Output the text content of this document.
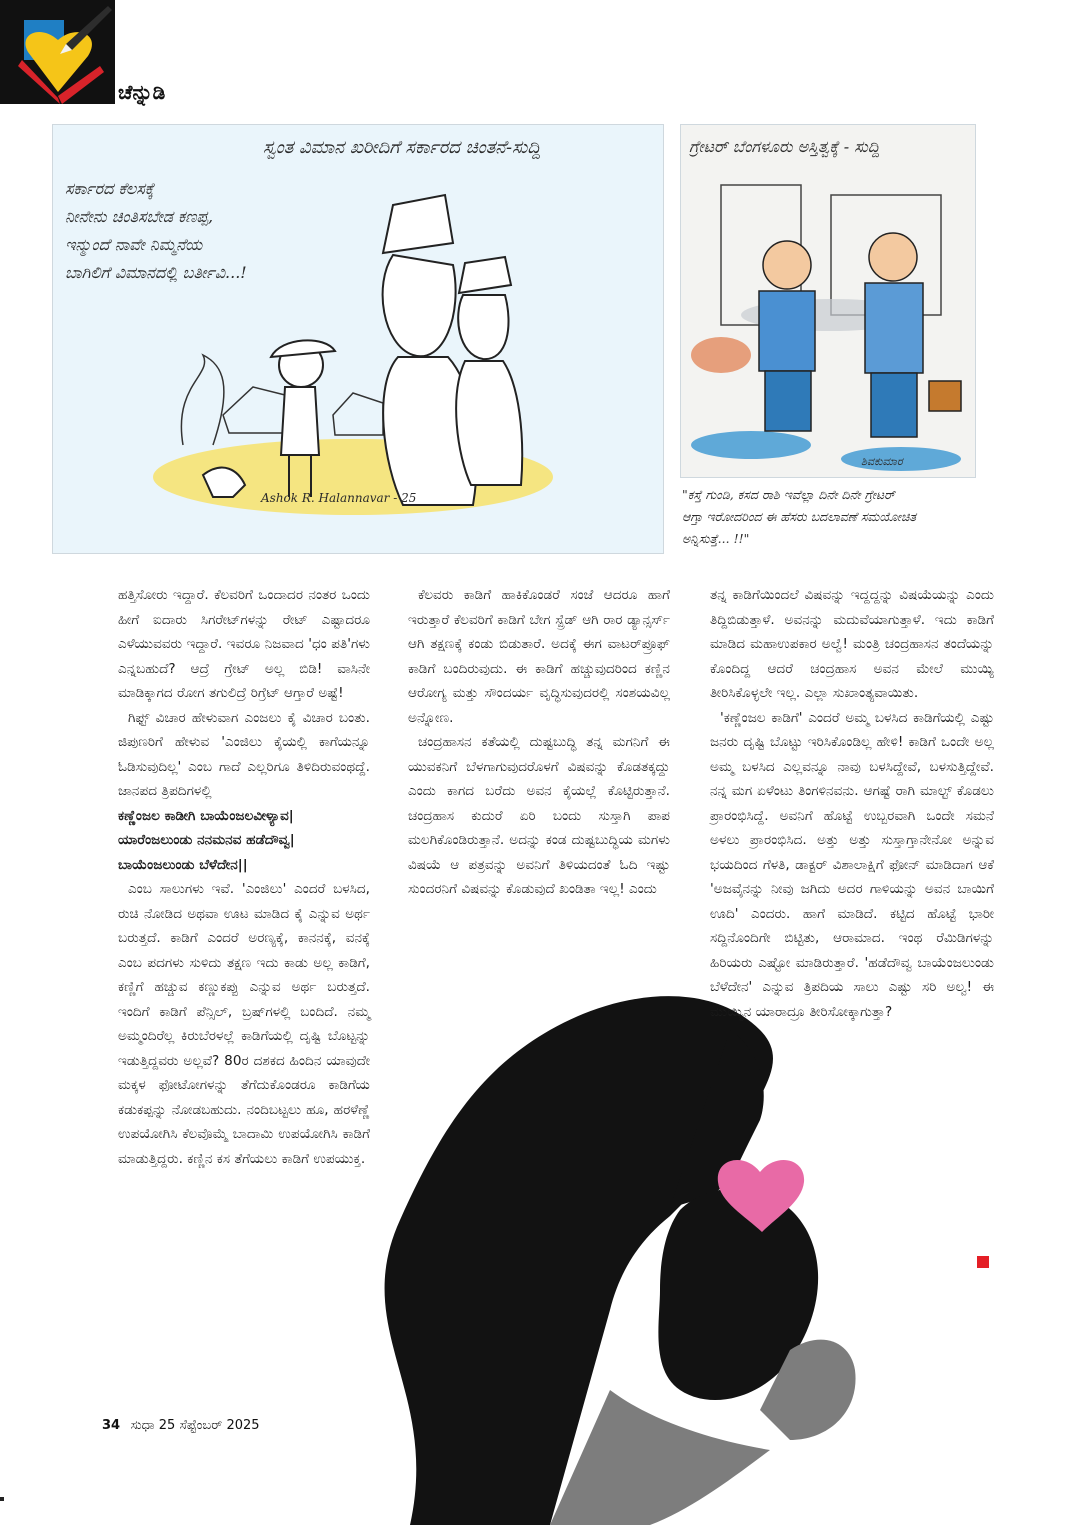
ಚೆನ್ನುಡಿ
ಸ್ವಂತ ವಿಮಾನ ಖರೀದಿಗೆ ಸರ್ಕಾರದ ಚಿಂತನೆ-ಸುದ್ದಿ
ಸರ್ಕಾರದ ಕೆಲಸಕ್ಕೆ
ನೀನೇನು ಚಿಂತಿಸಬೇಡ ಕಣಪ್ಪ,
ಇನ್ಮುಂದೆ ನಾವೇ ನಿಮ್ಮನೆಯ
ಬಾಗಿಲಿಗೆ ವಿಮಾನದಲ್ಲಿ ಬರ್ತೀವಿ...!
Ashok R. Halannavar - 25
ಗ್ರೇಟರ್ ಬೆಂಗಳೂರು ಅಸ್ತಿತ್ವಕ್ಕೆ - ಸುದ್ದಿ
ಶಿವಕುಮಾರ
"ಕಸ್ತೆ ಗುಂಡಿ, ಕಸದ ರಾಶಿ ಇವೆಲ್ಲಾ ದಿನೇ ದಿನೇ ಗ್ರೇಟರ್
ಆಗ್ತಾ ಇರೋದರಿಂದ ಈ ಹೆಸರು ಬದಲಾವಣೆ ಸಮಯೋಚಿತ
ಅನ್ನಿಸುತ್ತೆ... !!"

ಹತ್ತಿಸೋರು ಇದ್ದಾರೆ. ಕೆಲವರಿಗೆ ಒಂದಾದರ ನಂತರ ಒಂದು ಹೀಗೆ ಐದಾರು ಸಿಗರೇಟ್‌ಗಳನ್ನು ರೇಟ್ ಎಷ್ಟಾದರೂ ಎಳೆಯುವವರು ಇದ್ದಾರೆ. ಇವರೂ ನಿಜವಾದ 'ಧಂ ಪತಿ'ಗಳು ಎನ್ನಬಹುದೆ? ಆದ್ರೆ ಗ್ರೇಟ್ ಅಲ್ಲ ಬಿಡಿ! ವಾಸಿನೇ ಮಾಡಿಕ್ಕಾಗದ ರೋಗ ತಗುಲಿದ್ರೆ ರಿಗ್ರೆಟ್ ಆಗ್ತಾರೆ ಅಷ್ಟೆ!

ಗಿಫ್ಟ್ ವಿಚಾರ ಹೇಳುವಾಗ ಎಂಜಲು ಕೈ ವಿಚಾರ ಬಂತು. ಜಿಪುಣರಿಗೆ ಹೇಳುವ 'ಎಂಜಿಲು ಕೈಯಲ್ಲಿ ಕಾಗೆಯನ್ನೂ ಓಡಿಸುವುದಿಲ್ಲ' ಎಂಬ ಗಾದೆ ಎಲ್ಲರಿಗೂ ತಿಳಿದಿರುವಂಥದ್ದೆ. ಜಾನಪದ ತ್ರಿಪದಿಗಳಲ್ಲಿ

ಕಣ್ಣೆಂಜಲ ಕಾಡೀಗಿ ಬಾಯೆಂಜಲವೀಳ್ಯಾವ|

ಯಾರೆಂಜಲುಂಡು ನನಮನವ ಹಡೆದೌವ್ವ|

ಬಾಯೆಂಜಲುಂಡು ಬೆಳೆದೇನ||

ಎಂಬ ಸಾಲುಗಳು ಇವೆ. 'ಎಂಜಿಲು' ಎಂದರೆ ಬಳಸಿದ, ರುಚಿ ನೋಡಿದ ಅಥವಾ ಊಟ ಮಾಡಿದ ಕೈ ಎನ್ನುವ ಅರ್ಥ ಬರುತ್ತದೆ. ಕಾಡಿಗೆ ಎಂದರೆ ಅರಣ್ಯಕ್ಕೆ, ಕಾನನಕ್ಕೆ, ವನಕ್ಕೆ ಎಂಬ ಪದಗಳು ಸುಳಿದು ತಕ್ಷಣ ಇದು ಕಾಡು ಅಲ್ಲ ಕಾಡಿಗೆ, ಕಣ್ಣಿಗೆ ಹಚ್ಚುವ ಕಣ್ಣುಕಪ್ಪು ಎನ್ನುವ ಅರ್ಥ ಬರುತ್ತದೆ. ಇಂದಿಗೆ ಕಾಡಿಗೆ ಪೆನ್ಸಿಲ್, ಬ್ರಷ್‌ಗಳಲ್ಲಿ ಬಂದಿದೆ. ನಮ್ಮ ಅಮ್ಮಂದಿರೆಲ್ಲ ಕಿರುಬೆರಳಲ್ಲೆ ಕಾಡಿಗೆಯಲ್ಲಿ ದೃಷ್ಟಿ ಬೊಟ್ಟನ್ನು ಇಡುತ್ತಿದ್ದವರು ಅಲ್ಲವೆ? 80ರ ದಶಕದ ಹಿಂದಿನ ಯಾವುದೇ ಮಕ್ಕಳ ಫೋಟೋಗಳನ್ನು ತೆಗೆದುಕೊಂಡರೂ ಕಾಡಿಗೆಯ ಕಡುಕಪ್ಪನ್ನು ನೋಡಬಹುದು. ನಂದಿಬಟ್ಟಲು ಹೂ, ಹರಳೆಣ್ಣೆ ಉಪಯೋಗಿಸಿ ಕೆಲವೊಮ್ಮೆ ಬಾದಾಮಿ ಉಪಯೋಗಿಸಿ ಕಾಡಿಗೆ ಮಾಡುತ್ತಿದ್ದರು. ಕಣ್ಣಿನ ಕಸ ತೆಗೆಯಲು ಕಾಡಿಗೆ ಉಪಯುಕ್ತ.

ಕೆಲವರು ಕಾಡಿಗೆ ಹಾಕಿಕೊಂಡರೆ ಸಂಜೆ ಆದರೂ ಹಾಗೆ ಇರುತ್ತಾರೆ ಕೆಲವರಿಗೆ ಕಾಡಿಗೆ ಬೇಗ ಸ್ಪ್ರೆಡ್ ಆಗಿ ರಾರ ಡ್ಯಾನ್ಸರ್ಸ್ ಆಗಿ ತಕ್ಷಣಕ್ಕೆ ಕಂಡು ಬಿಡುತಾರೆ. ಅದಕ್ಕೆ ಈಗ ವಾಟರ್‌ಪ್ರೂಫ್ ಕಾಡಿಗೆ ಬಂದಿರುವುದು. ಈ ಕಾಡಿಗೆ ಹಚ್ಚುವುದರಿಂದ ಕಣ್ಣಿನ ಆರೋಗ್ಯ ಮತ್ತು ಸೌಂದರ್ಯ ವೃದ್ಧಿಸುವುದರಲ್ಲಿ ಸಂಶಯವಿಲ್ಲ ಅನ್ನೋಣ.

ಚಂದ್ರಹಾಸನ ಕತೆಯಲ್ಲಿ ದುಷ್ಟಬುದ್ಧಿ ತನ್ನ ಮಗನಿಗೆ ಈ ಯುವಕನಿಗೆ ಬೆಳಗಾಗುವುದರೊಳಗೆ ವಿಷವನ್ನು ಕೊಡತಕ್ಕದ್ದು ಎಂದು ಕಾಗದ ಬರೆದು ಅವನ ಕೈಯಲ್ಲೆ ಕೊಟ್ಟಿರುತ್ತಾನೆ. ಚಂದ್ರಹಾಸ ಕುದುರೆ ಏರಿ ಬಂದು ಸುಸ್ತಾಗಿ ಪಾಪ ಮಲಗಿಕೊಂಡಿರುತ್ತಾನೆ. ಅದನ್ನು ಕಂಡ ದುಷ್ಟಬುದ್ಧಿಯ ಮಗಳು ವಿಷಯೆ ಆ ಪತ್ರವನ್ನು ಅವನಿಗೆ ತಿಳಿಯದಂತೆ ಓದಿ ಇಷ್ಟು ಸುಂದರನಿಗೆ ವಿಷವನ್ನು ಕೊಡುವುದೆ ಖಂಡಿತಾ ಇಲ್ಲ! ಎಂದು

ತನ್ನ ಕಾಡಿಗೆಯಿಂದಲೆ ವಿಷವನ್ನು ಇದ್ದದ್ದನ್ನು ವಿಷಯೆಯನ್ನು ಎಂದು ತಿದ್ದಿಬಿಡುತ್ತಾಳೆ. ಅವನನ್ನು ಮದುವೆಯಾಗುತ್ತಾಳೆ. ಇದು ಕಾಡಿಗೆ ಮಾಡಿದ ಮಹಾಉಪಕಾರ ಅಲ್ವೆ! ಮಂತ್ರಿ ಚಂದ್ರಹಾಸನ ತಂದೆಯನ್ನು ಕೊಂದಿದ್ದ ಆದರೆ ಚಂದ್ರಹಾಸ ಅವನ ಮೇಲೆ ಮುಯ್ಯಿ ತೀರಿಸಿಕೊಳ್ಳಲೇ ಇಲ್ಲ. ಎಲ್ಲಾ ಸುಖಾಂತ್ಯವಾಯಿತು.

'ಕಣ್ಣೆಂಜಲ ಕಾಡಿಗೆ' ಎಂದರೆ ಅಮ್ಮ ಬಳಸಿದ ಕಾಡಿಗೆಯಲ್ಲಿ ಎಷ್ಟು ಜನರು ದೃಷ್ಟಿ ಬೊಟ್ಟು ಇರಿಸಿಕೊಂಡಿಲ್ಲ ಹೇಳಿ! ಕಾಡಿಗೆ ಒಂದೇ ಅಲ್ಲ ಅಮ್ಮ ಬಳಸಿದ ಎಲ್ಲವನ್ನೂ ನಾವು ಬಳಸಿದ್ದೇವೆ, ಬಳಸುತ್ತಿದ್ದೇವೆ. ನನ್ನ ಮಗ ಏಳೆಂಟು ತಿಂಗಳಿನವನು. ಆಗಷ್ಟೆ ರಾಗಿ ಮಾಲ್ಟ್ ಕೊಡಲು ಪ್ರಾರಂಭಿಸಿದ್ದೆ. ಅವನಿಗೆ ಹೊಟ್ಟೆ ಉಬ್ಬರವಾಗಿ ಒಂದೇ ಸಮನೆ ಅಳಲು ಪ್ರಾರಂಭಿಸಿದ. ಅತ್ತು ಅತ್ತು ಸುಸ್ತಾಗ್ತಾನೇನೋ ಅನ್ನುವ ಭಯದಿಂದ ಗೆಳತಿ, ಡಾಕ್ಟರ್ ವಿಶಾಲಾಕ್ಷಿಗೆ ಫೋನ್ ಮಾಡಿದಾಗ ಆಕೆ 'ಅಜವೈನನ್ನು ನೀವು ಜಗಿದು ಅದರ ಗಾಳಿಯನ್ನು ಅವನ ಬಾಯಿಗೆ ಊದಿ' ಎಂದರು. ಹಾಗೆ ಮಾಡಿದೆ. ಕಟ್ಟಿದ ಹೊಟ್ಟೆ ಭಾರೀ ಸದ್ದಿನೊಂದಿಗೇ ಬಿಟ್ಟಿತು, ಆರಾಮಾದ. ಇಂಥ ರೆಮಿಡಿಗಳನ್ನು ಹಿರಿಯರು ಎಷ್ಟೋ ಮಾಡಿರುತ್ತಾರೆ. 'ಹಡೆದೌವ್ವ ಬಾಯೆಂಜಲುಂಡು ಬೆಳೆದೇನ' ಎನ್ನುವ ತ್ರಿಪದಿಯ ಸಾಲು ಎಷ್ಟು ಸರಿ ಅಲ್ವ! ಈ ಮುಯ್ಯಿನ ಯಾರಾದ್ರೂ ತೀರಿಸೋಕ್ಕಾಗುತ್ತಾ?

34 ಸುಧಾ 25 ಸೆಪ್ಟೆಂಬರ್ 2025
